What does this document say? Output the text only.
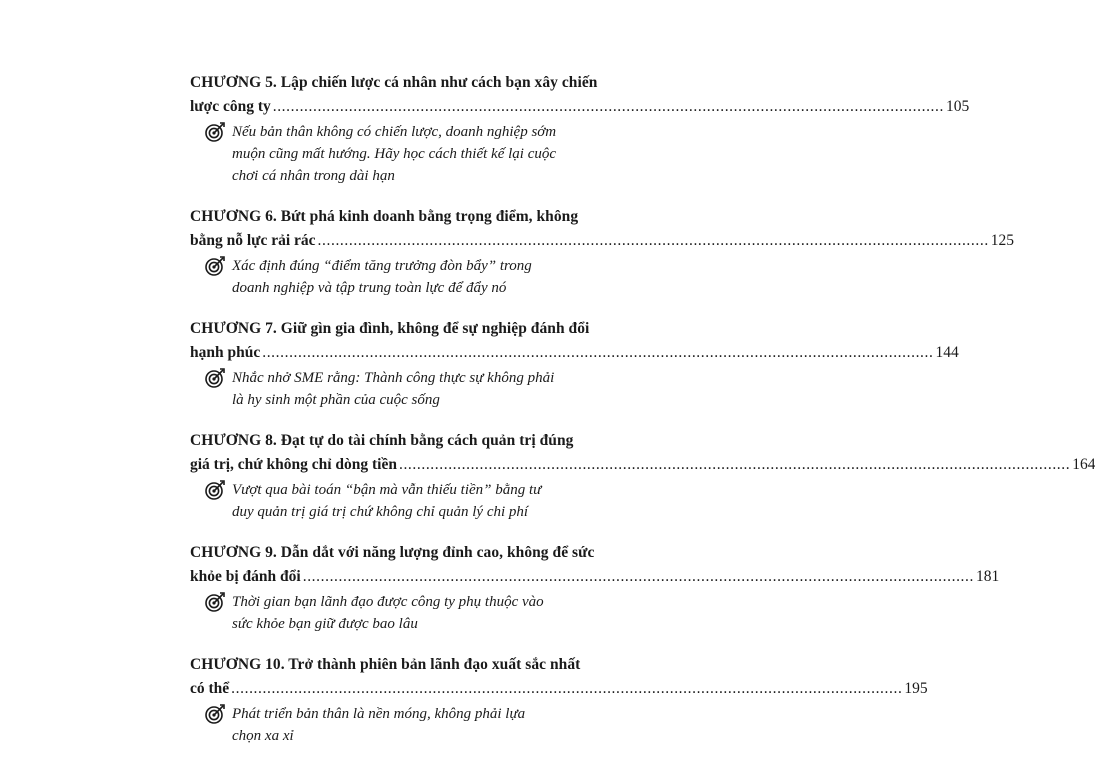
CHƯƠNG 5. Lập chiến lược cá nhân như cách bạn xây chiến
lược công ty ...................................................................................................................................................... 105
Nếu bản thân không có chiến lược, doanh nghiệp sớm muộn cũng mất hướng. Hãy học cách thiết kế lại cuộc chơi cá nhân trong dài hạn
CHƯƠNG 6. Bứt phá kinh doanh bằng trọng điểm, không
bằng nỗ lực rải rác ...................................................................................................................................................... 125
Xác định đúng “điểm tăng trưởng đòn bẩy” trong doanh nghiệp và tập trung toàn lực để đẩy nó
CHƯƠNG 7. Giữ gìn gia đình, không để sự nghiệp đánh đổi
hạnh phúc ...................................................................................................................................................... 144
Nhắc nhở SME rằng: Thành công thực sự không phải là hy sinh một phần của cuộc sống
CHƯƠNG 8. Đạt tự do tài chính bằng cách quản trị đúng
giá trị, chứ không chỉ dòng tiền ...................................................................................................................................................... 164
Vượt qua bài toán “bận mà vẫn thiếu tiền” bằng tư duy quản trị giá trị chứ không chỉ quản lý chi phí
CHƯƠNG 9. Dẫn dắt với năng lượng đỉnh cao, không để sức
khỏe bị đánh đổi ...................................................................................................................................................... 181
Thời gian bạn lãnh đạo được công ty phụ thuộc vào sức khỏe bạn giữ được bao lâu
CHƯƠNG 10. Trở thành phiên bản lãnh đạo xuất sắc nhất
có thể ...................................................................................................................................................... 195
Phát triển bản thân là nền móng, không phải lựa chọn xa xỉ
